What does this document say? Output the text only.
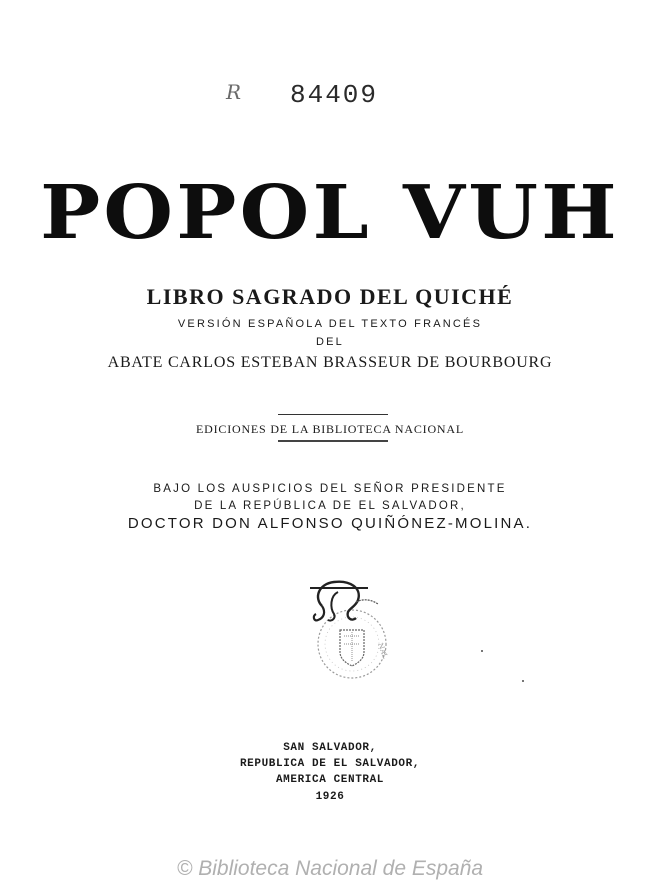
R 84409
POPOL VUH
LIBRO SAGRADO DEL QUICHÉ
VERSIÓN ESPAÑOLA DEL TEXTO FRANCÉS
DEL
ABATE CARLOS ESTEBAN BRASSEUR DE BOURBOURG
EDICIONES DE LA BIBLIOTECA NACIONAL
BAJO LOS AUSPICIOS DEL SEÑOR PRESIDENTE
DE LA REPÚBLICA DE EL SALVADOR,
DOCTOR DON ALFONSO QUIÑÓNEZ-MOLINA.
NAL
SAN SALVADOR,
REPUBLICA DE EL SALVADOR,
AMERICA CENTRAL
1926
© Biblioteca Nacional de España
